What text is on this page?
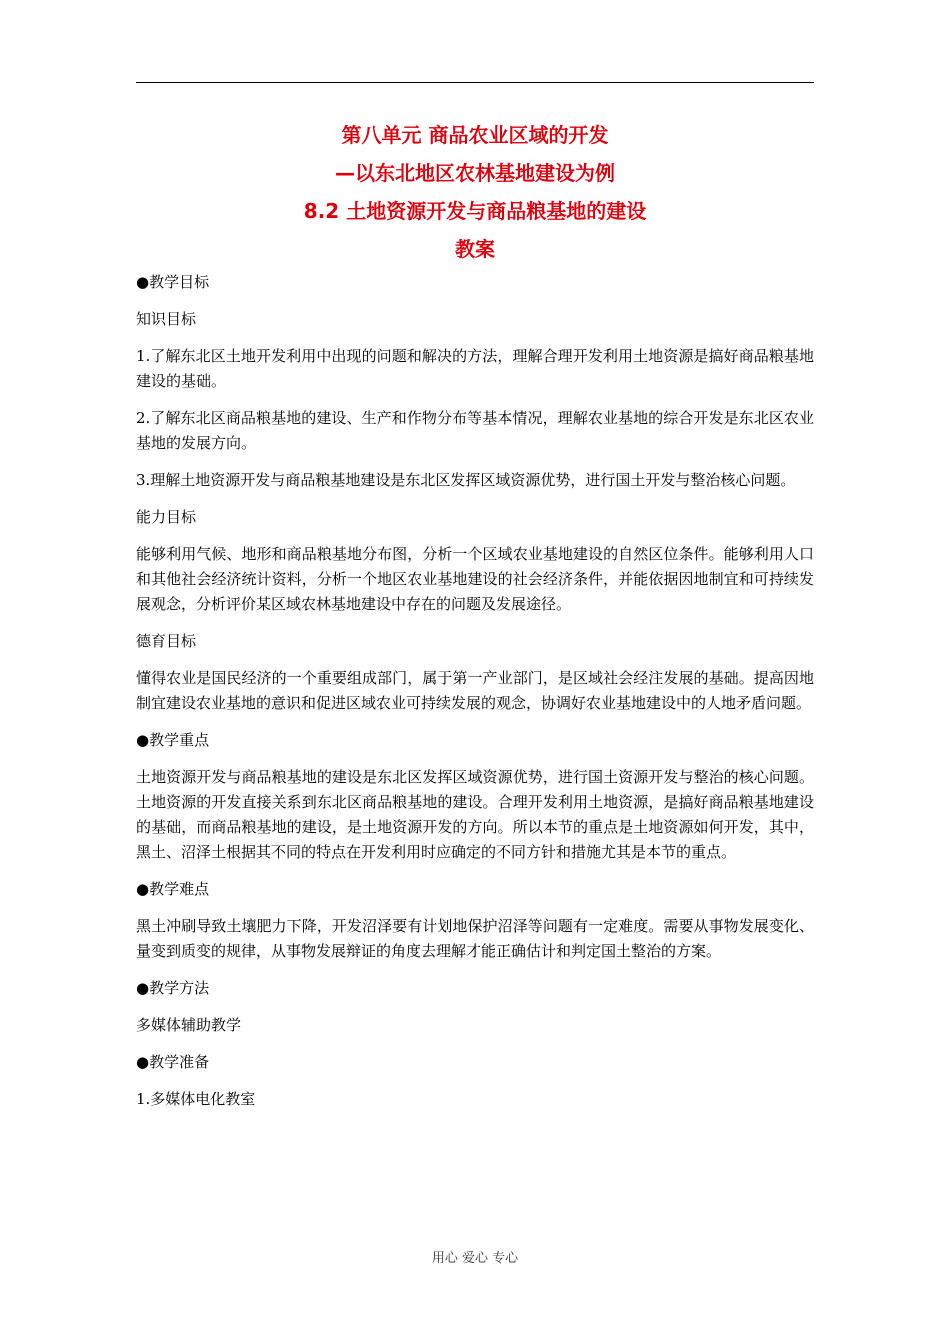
第八单元 商品农业区域的开发
—以东北地区农林基地建设为例
8.2 土地资源开发与商品粮基地的建设
教案
●教学目标
知识目标
1.了解东北区土地开发利用中出现的问题和解决的方法，理解合理开发利用土地资源是搞好商品粮基地建设的基础。
2.了解东北区商品粮基地的建设、生产和作物分布等基本情况，理解农业基地的综合开发是东北区农业基地的发展方向。
3.理解土地资源开发与商品粮基地建设是东北区发挥区域资源优势，进行国土开发与整治核心问题。
能力目标
能够利用气候、地形和商品粮基地分布图，分析一个区域农业基地建设的自然区位条件。能够利用人口和其他社会经济统计资料，分析一个地区农业基地建设的社会经济条件，并能依据因地制宜和可持续发展观念，分析评价某区域农林基地建设中存在的问题及发展途径。
德育目标
懂得农业是国民经济的一个重要组成部门，属于第一产业部门，是区域社会经注发展的基础。提高因地制宜建设农业基地的意识和促进区域农业可持续发展的观念，协调好农业基地建设中的人地矛盾问题。
●教学重点
土地资源开发与商品粮基地的建设是东北区发挥区域资源优势，进行国土资源开发与整治的核心问题。土地资源的开发直接关系到东北区商品粮基地的建设。合理开发利用土地资源，是搞好商品粮基地建设的基础，而商品粮基地的建设，是土地资源开发的方向。所以本节的重点是土地资源如何开发，其中，黑土、沼泽土根据其不同的特点在开发利用时应确定的不同方针和措施尤其是本节的重点。
●教学难点
黑土冲刷导致土壤肥力下降，开发沼泽要有计划地保护沼泽等问题有一定难度。需要从事物发展变化、量变到质变的规律，从事物发展辩证的角度去理解才能正确估计和判定国土整治的方案。
●教学方法
多媒体辅助教学
●教学准备
1.多媒体电化教室
用心 爱心 专心
